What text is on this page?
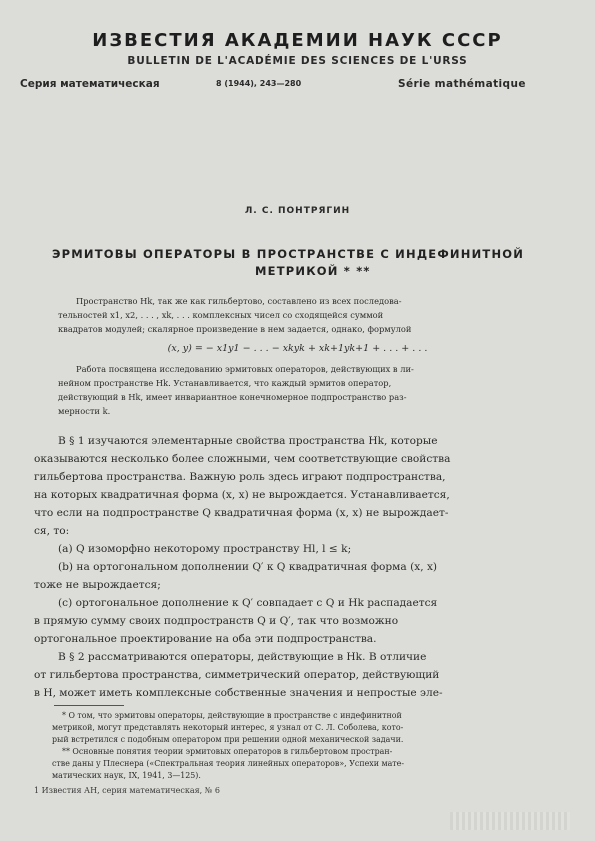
ИЗВЕСТИЯ АКАДЕМИИ НАУК СССР
BULLETIN DE L'ACADÉMIE DES SCIENCES DE L'URSS
Серия математическая	8 (1944), 243—280	Série mathématique
Л. С. ПОНТРЯГИН
ЭРМИТОВЫ ОПЕРАТОРЫ В ПРОСТРАНСТВЕ С ИНДЕФИНИТНОЙ
МЕТРИКОЙ * **
Пространство Hk, так же как гильбертово, составлено из всех последова-
тельностей x1, x2, . . . , xk, . . . комплексных чисел со сходящейся суммой
квадратов модулей; скалярное произведение в нем задается, однако, формулой
(x, y) = − x1y1 − . . . − xkyk + xk+1yk+1 + . . . + . . .
Работа посвящена исследованию эрмитовых операторов, действующих в ли-
нейном пространстве Hk. Устанавливается, что каждый эрмитов оператор,
действующий в Hk, имеет инвариантное конечномерное подпространство раз-
мерности k.
В § 1 изучаются элементарные свойства пространства Hk, которые
оказываются несколько более сложными, чем соответствующие свойства
гильбертова пространства. Важную роль здесь играют подпространства,
на которых квадратичная форма (x, x) не вырождается. Устанавливается,
что если на подпространстве Q квадратичная форма (x, x) не вырождает-
ся, то:
(a) Q изоморфно некоторому пространству Hl, l ≤ k;
(b) на ортогональном дополнении Q′ к Q квадратичная форма (x, x)
тоже не вырождается;
(c) ортогональное дополнение к Q′ совпадает с Q и Hk распадается
в прямую сумму своих подпространств Q и Q′, так что возможно
ортогональное проектирование на оба эти подпространства.
В § 2 рассматриваются операторы, действующие в Hk. В отличие
от гильбертова пространства, симметрический оператор, действующий
в H, может иметь комплексные собственные значения и непростые эле-
* О том, что эрмитовы операторы, действующие в пространстве с индефинитной
метрикой, могут представлять некоторый интерес, я узнал от С. Л. Соболева, кото-
рый встретился с подобным оператором при решении одной механической задачи.
** Основные понятия теории эрмитовых операторов в гильбертовом простран-
стве даны у Плеснера («Спектральная теория линейных операторов», Успехи мате-
матических наук, IX, 1941, 3—125).
1 Известия АН, серия математическая, № 6
